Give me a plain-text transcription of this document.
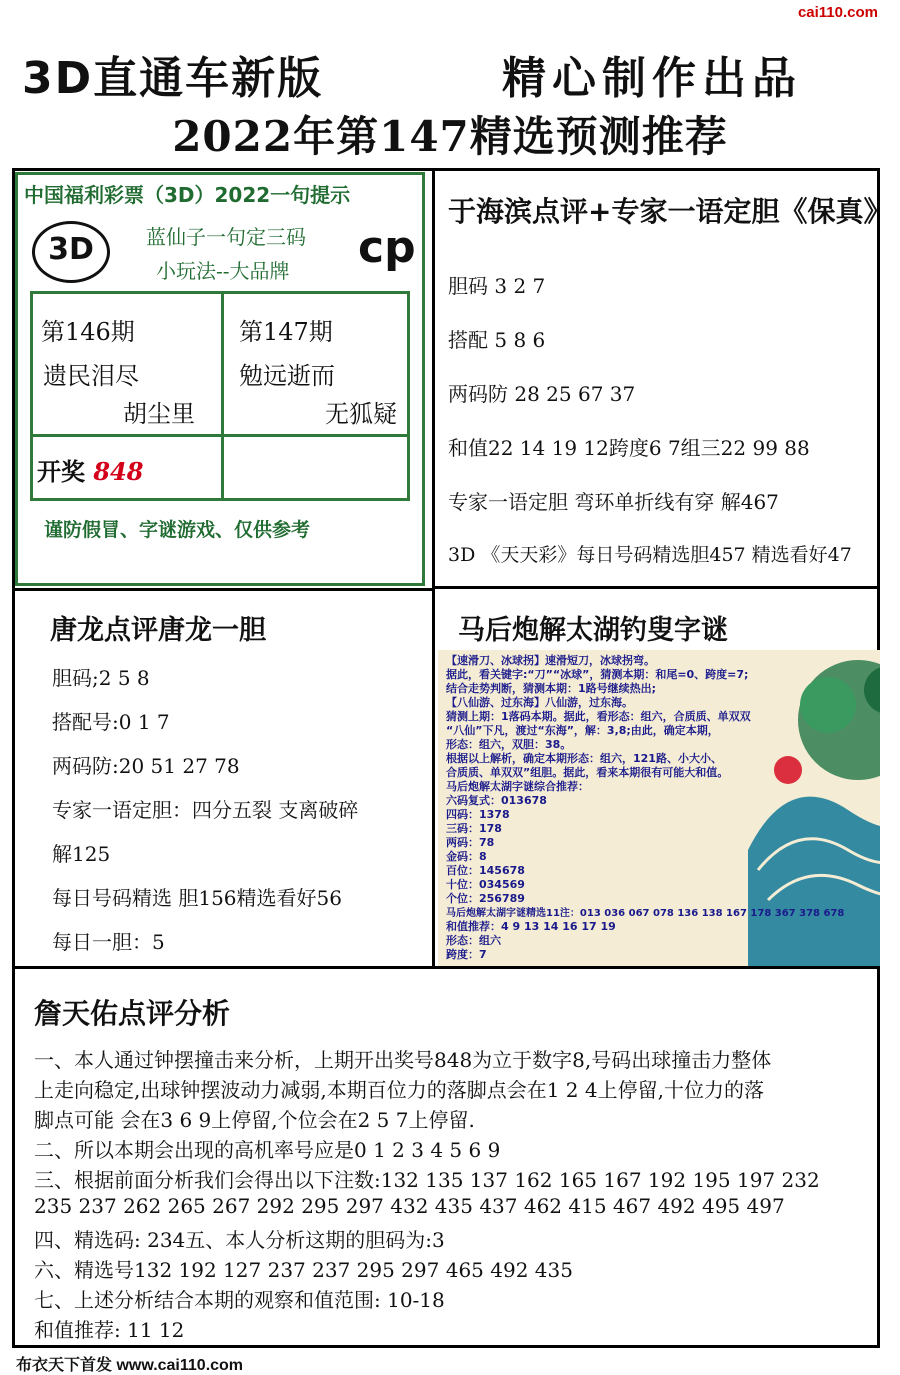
cai110.com
3D直通车新版	精心制作出品
2022年第147精选预测推荐
中国福利彩票（3D）2022一句提示
3D	cp
蓝仙子一句定三码
小玩法--大品牌
第146期
遗民泪尽
胡尘里
第147期
勉远逝而
无狐疑
开奖 848
谨防假冒、字谜游戏、仅供参考
于海滨点评+专家一语定胆《保真》
胆码 3 2 7
搭配 5 8 6
两码防 28 25 67 37
和值22 14 19 12跨度6 7组三22 99 88
专家一语定胆 弯环单折线有穿 解467
3D 《天天彩》每日号码精选胆457 精选看好47
唐龙点评唐龙一胆
胆码;2 5 8
搭配号:0 1 7
两码防:20 51 27 78
专家一语定胆：四分五裂 支离破碎
解125
每日号码精选 胆156精选看好56
每日一胆：5
马后炮解太湖钓叟字谜
【速滑刀、冰球拐】速滑短刀，冰球拐弯。
据此，看关键字:“刀”“冰球”，猜测本期：和尾=0、跨度=7;
结合走势判断，猜测本期：1路号继续热出;
【八仙游、过东海】八仙游，过东海。
猜测上期：1落码本期。据此，看形态：组六，合质质、单双双
“八仙”下凡，渡过“东海”，解：3,8;由此，确定本期，
形态：组六，双胆：38。
根据以上解析，确定本期形态：组六，121路、小大小、
合质质、单双双”组胆。据此，看来本期很有可能大和值。
马后炮解太湖字谜综合推荐：
六码复式：013678
四码：1378
三码：178
两码：78
金码：8
百位：145678
十位：034569
个位：256789
马后炮解太湖字谜精选11注：013 036 067 078 136 138 167 178 367 378 678
和值推荐：4 9 13 14 16 17 19
形态：组六
跨度：7
詹天佑点评分析
一、本人通过钟摆撞击来分析，上期开出奖号848为立于数字8,号码出球撞击力整体
上走向稳定,出球钟摆波动力减弱,本期百位力的落脚点会在1 2 4上停留,十位力的落
脚点可能 会在3 6 9上停留,个位会在2 5 7上停留.
二、所以本期会出现的高机率号应是0 1 2 3 4 5 6 9
三、根据前面分析我们会得出以下注数:132 135 137 162 165 167 192 195 197 232
235 237 262 265 267 292 295 297 432 435 437 462 415 467 492 495 497
四、精选码: 234五、本人分析这期的胆码为:3
六、精选号132 192 127 237 237 295 297 465 492 435
七、上述分析结合本期的观察和值范围: 10-18
和值推荐: 11 12
布衣天下首发 www.cai110.com
